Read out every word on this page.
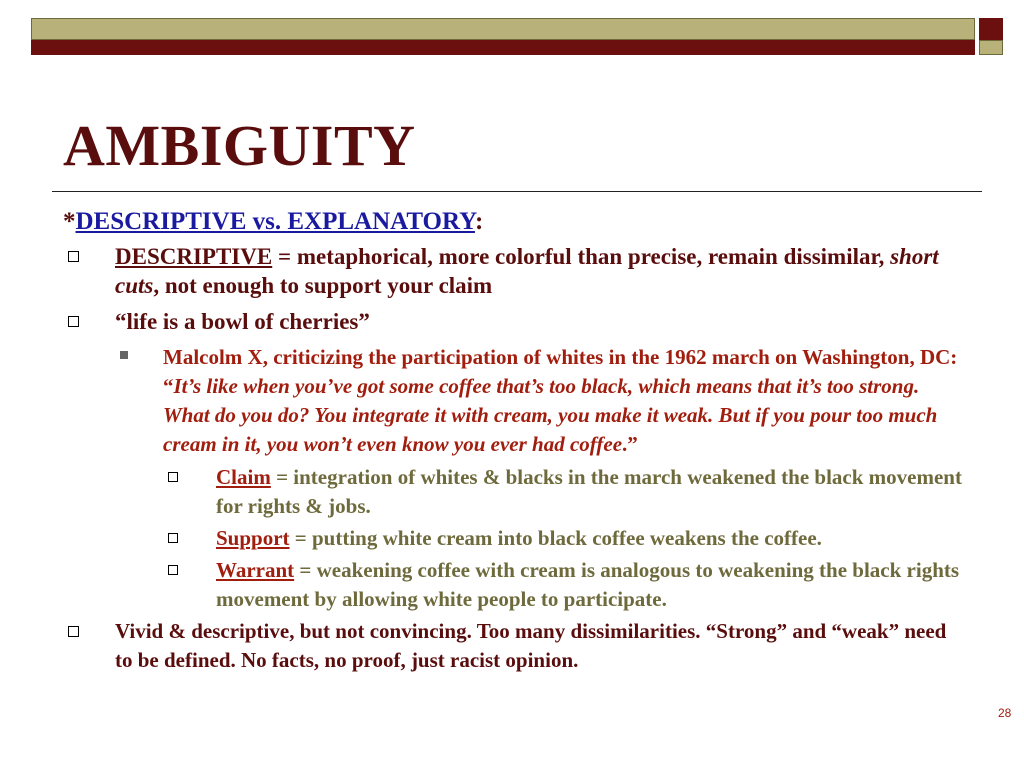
AMBIGUITY
*DESCRIPTIVE vs. EXPLANATORY:
DESCRIPTIVE = metaphorical, more colorful than precise, remain dissimilar, short cuts, not enough to support your claim
“life is a bowl of cherries”
Malcolm X, criticizing the participation of whites in the 1962 march on Washington, DC: “It’s like when you’ve got some coffee that’s too black, which means that it’s too strong. What do you do? You integrate it with cream, you make it weak. But if you pour too much cream in it, you won’t even know you ever had coffee.”
Claim = integration of whites & blacks in the march weakened the black movement for rights & jobs.
Support = putting white cream into black coffee weakens the coffee.
Warrant = weakening coffee with cream is analogous to weakening the black rights movement by allowing white people to participate.
Vivid & descriptive, but not convincing. Too many dissimilarities. “Strong” and “weak” need to be defined. No facts, no proof, just racist opinion.
28
